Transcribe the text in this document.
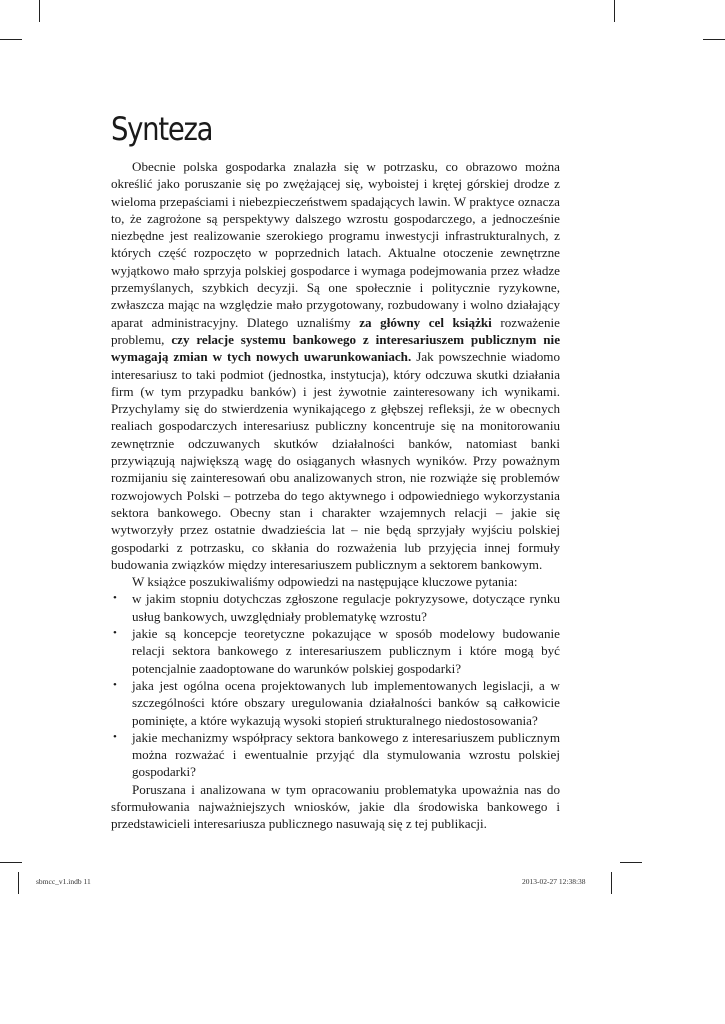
Synteza

Obecnie polska gospodarka znalazła się w potrzasku, co obrazowo można określić jako poruszanie się po zwężającej się, wyboistej i krętej górskiej drodze z wieloma przepaściami i niebezpieczeństwem spadających lawin. W praktyce oznacza to, że zagrożone są perspektywy dalszego wzrostu gospodarczego, a jednocześnie niezbędne jest realizowanie szerokiego programu inwestycji infrastrukturalnych, z których część rozpoczęto w poprzednich latach. Aktualne otoczenie zewnętrzne wyjątkowo mało sprzyja polskiej gospodarce i wymaga podejmowania przez władze przemyślanych, szybkich decyzji. Są one społecznie i politycznie ryzykowne, zwłaszcza mając na względzie mało przygotowany, rozbudowany i wolno działający aparat administracyjny. Dlatego uznaliśmy za główny cel książki rozważenie problemu, czy relacje systemu bankowego z interesariuszem publicznym nie wymagają zmian w tych nowych uwarunkowaniach. Jak powszechnie wiadomo interesariusz to taki podmiot (jednostka, instytucja), który odczuwa skutki działania firm (w tym przypadku banków) i jest żywotnie zainteresowany ich wynikami. Przychylamy się do stwierdzenia wynikającego z głębszej refleksji, że w obecnych realiach gospodarczych interesariusz publiczny koncentruje się na monitorowaniu zewnętrznie odczuwanych skutków działalności banków, natomiast banki przywiązują największą wagę do osiąganych własnych wyników. Przy poważnym rozmijaniu się zainteresowań obu analizowanych stron, nie rozwiąże się problemów rozwojowych Polski – potrzeba do tego aktywnego i odpowiedniego wykorzystania sektora bankowego. Obecny stan i charakter wzajemnych relacji – jakie się wytworzyły przez ostatnie dwadzieścia lat – nie będą sprzyjały wyjściu polskiej gospodarki z potrzasku, co skłania do rozważenia lub przyjęcia innej formuły budowania związków między interesariuszem publicznym a sektorem bankowym.

W książce poszukiwaliśmy odpowiedzi na następujące kluczowe pytania:

• w jakim stopniu dotychczas zgłoszone regulacje pokryzysowe, dotyczące rynku usług bankowych, uwzględniały problematykę wzrostu?
• jakie są koncepcje teoretyczne pokazujące w sposób modelowy budowanie relacji sektora bankowego z interesariuszem publicznym i które mogą być potencjalnie zaadoptowane do warunków polskiej gospodarki?
• jaka jest ogólna ocena projektowanych lub implementowanych legislacji, a w szczególności które obszary uregulowania działalności banków są całkowicie pominięte, a które wykazują wysoki stopień strukturalnego niedostosowania?
• jakie mechanizmy współpracy sektora bankowego z interesariuszem publicznym można rozważać i ewentualnie przyjąć dla stymulowania wzrostu polskiej gospodarki?

Poruszana i analizowana w tym opracowaniu problematyka upoważnia nas do sformułowania najważniejszych wniosków, jakie dla środowiska bankowego i przedstawicieli interesariusza publicznego nasuwają się z tej publikacji.

sbmcc_v1.indb 11	2013-02-27 12:38:38
